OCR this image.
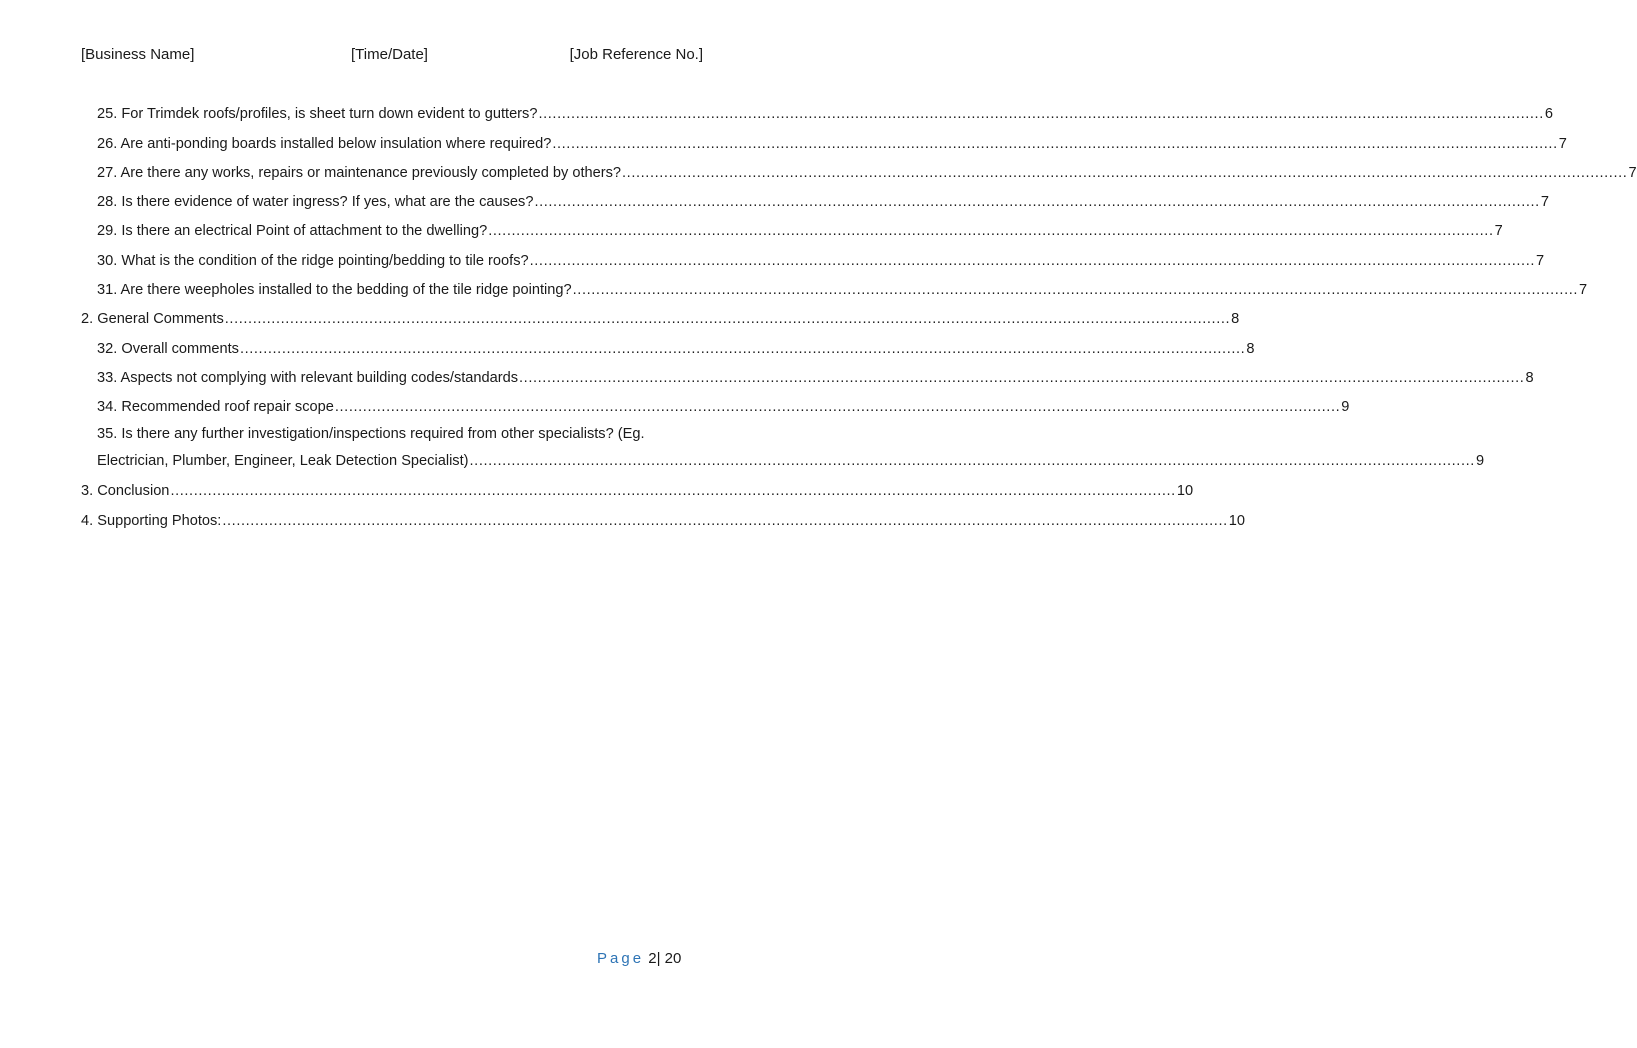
[Business Name]	[Time/Date]	[Job Reference No.]
25. For Trimdek roofs/profiles, is sheet turn down evident to gutters? .....	6
26. Are anti-ponding boards installed below insulation where required? .....	7
27. Are there any works, repairs or maintenance previously completed by others? .....	7
28. Is there evidence of water ingress? If yes, what are the causes? .....	7
29. Is there an electrical Point of attachment to the dwelling? .....	7
30. What is the condition of the ridge pointing/bedding to tile roofs? .....	7
31. Are there weepholes installed to the bedding of the tile ridge pointing? .....	7
2. General Comments .....	8
32. Overall comments .....	8
33. Aspects not complying with relevant building codes/standards .....	8
34. Recommended roof repair scope .....	9
35. Is there any further investigation/inspections required from other specialists? (Eg.
Electrician, Plumber, Engineer, Leak Detection Specialist) .....	9
3. Conclusion .....	10
4. Supporting Photos: .....	10
Page 2| 20
